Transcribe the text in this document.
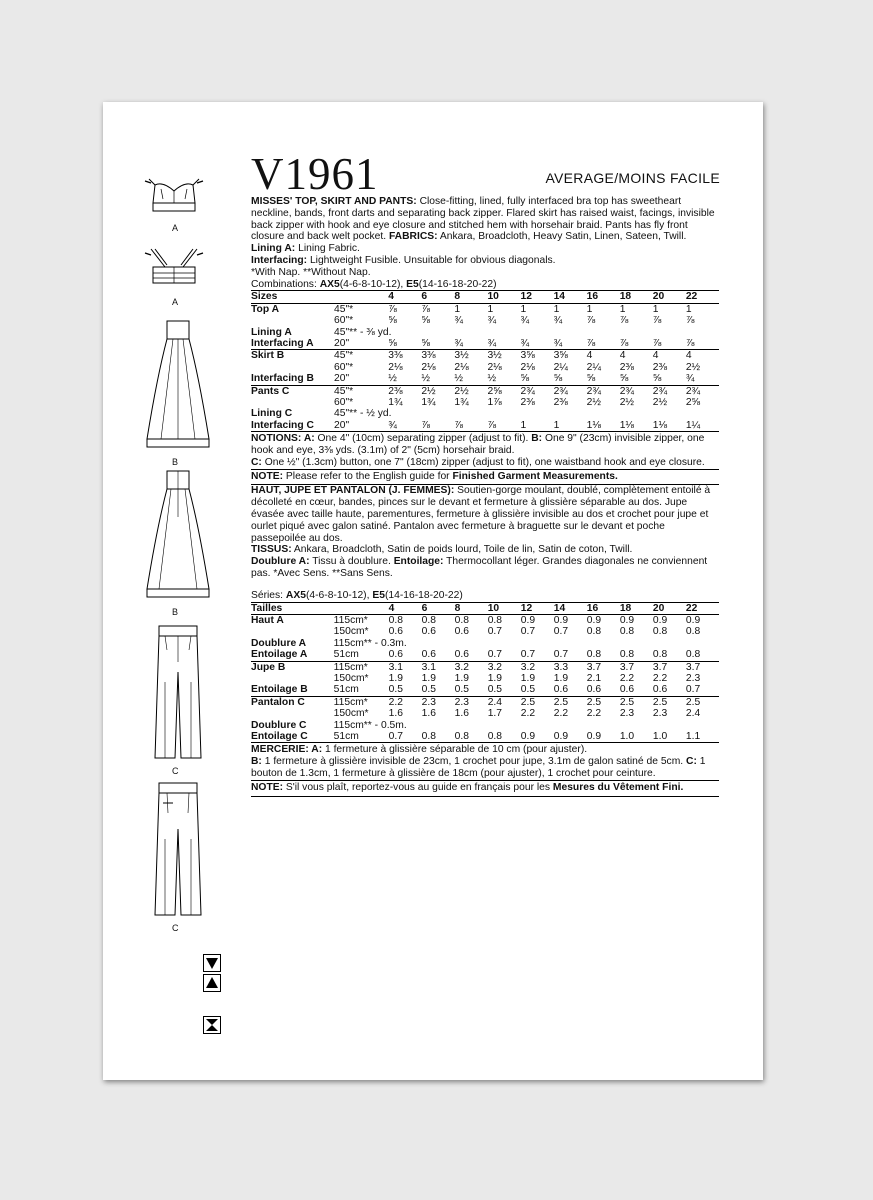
A
A
B
B
C
C
V1961	AVERAGE/MOINS FACILE

MISSES' TOP, SKIRT AND PANTS: Close-fitting, lined, fully interfaced bra top has sweetheart neckline, bands, front darts and separating back zipper. Flared skirt has raised waist, facings, invisible back zipper with hook and eye closure and stitched hem with horsehair braid. Pants has fly front closure and back welt pocket. FABRICS: Ankara, Broadcloth, Heavy Satin, Linen, Sateen, Twill. Lining A: Lining Fabric.
Interfacing: Lightweight Fusible. Unsuitable for obvious diagonals.
*With Nap. **Without Nap.

Combinations: AX5(4-6-8-10-12), E5(14-16-18-20-22)

Sizes		4	6	8	10	12	14	16	18	20	22
Top A	45"*	⅞	⅞	1	1	1	1	1	1	1	1
	60"*	⅝	⅝	¾	¾	¾	¾	⅞	⅞	⅞	⅞
Lining A	45"** - ⅜ yd.										
Interfacing A	20"	⅝	⅝	¾	¾	¾	¾	⅞	⅞	⅞	⅞
Skirt B	45"*	3⅜	3⅜	3½	3½	3⅝	3⅝	4	4	4	4
	60"*	2⅛	2⅛	2⅛	2⅛	2⅛	2¼	2¼	2⅜	2⅜	2½
Interfacing B	20"	½	½	½	½	⅝	⅝	⅝	⅝	⅝	¾
Pants C	45"*	2⅜	2½	2½	2⅝	2¾	2¾	2¾	2¾	2¾	2¾
	60"*	1¾	1¾	1¾	1⅞	2⅜	2⅜	2½	2½	2½	2⅝
Lining C	45"** - ½ yd.										
Interfacing C	20"	¾	⅞	⅞	⅞	1	1	1⅛	1⅛	1⅛	1¼

NOTIONS: A: One 4" (10cm) separating zipper (adjust to fit). B: One 9" (23cm) invisible zipper, one hook and eye, 3⅜ yds. (3.1m) of 2" (5cm) horsehair braid.
C: One ½" (1.3cm) button, one 7" (18cm) zipper (adjust to fit), one waistband hook and eye closure.

NOTE: Please refer to the English guide for Finished Garment Measurements.

HAUT, JUPE ET PANTALON (J. FEMMES): Soutien-gorge moulant, doublé, complètement entoilé à décolleté en cœur, bandes, pinces sur le devant et fermeture à glissière séparable au dos. Jupe évasée avec taille haute, parementures, fermeture à glissière invisible au dos et crochet pour jupe et ourlet piqué avec galon satiné. Pantalon avec fermeture à braguette sur le devant et poche passepoilée au dos.
TISSUS: Ankara, Broadcloth, Satin de poids lourd, Toile de lin, Satin de coton, Twill.
Doublure A: Tissu à doublure. Entoilage: Thermocollant léger. Grandes diagonales ne conviennent pas. *Avec Sens. **Sans Sens.

Séries: AX5(4-6-8-10-12), E5(14-16-18-20-22)

Tailles		4	6	8	10	12	14	16	18	20	22
Haut A	115cm*	0.8	0.8	0.8	0.8	0.9	0.9	0.9	0.9	0.9	0.9
	150cm*	0.6	0.6	0.6	0.7	0.7	0.7	0.8	0.8	0.8	0.8
Doublure A	115cm** - 0.3m.										
Entoilage A	51cm	0.6	0.6	0.6	0.7	0.7	0.7	0.8	0.8	0.8	0.8
Jupe B	115cm*	3.1	3.1	3.2	3.2	3.2	3.3	3.7	3.7	3.7	3.7
	150cm*	1.9	1.9	1.9	1.9	1.9	1.9	2.1	2.2	2.2	2.3
Entoilage B	51cm	0.5	0.5	0.5	0.5	0.5	0.6	0.6	0.6	0.6	0.7
Pantalon C	115cm*	2.2	2.3	2.3	2.4	2.5	2.5	2.5	2.5	2.5	2.5
	150cm*	1.6	1.6	1.6	1.7	2.2	2.2	2.2	2.3	2.3	2.4
Doublure C	115cm** - 0.5m.										
Entoilage C	51cm	0.7	0.8	0.8	0.8	0.9	0.9	0.9	1.0	1.0	1.1

MERCERIE: A: 1 fermeture à glissière séparable de 10 cm (pour ajuster).
B: 1 fermeture à glissière invisible de 23cm, 1 crochet pour jupe, 3.1m de galon satiné de 5cm. C: 1 bouton de 1.3cm, 1 fermeture à glissière de 18cm (pour ajuster), 1 crochet pour ceinture.

NOTE: S'il vous plaît, reportez-vous au guide en français pour les Mesures du Vêtement Fini.
